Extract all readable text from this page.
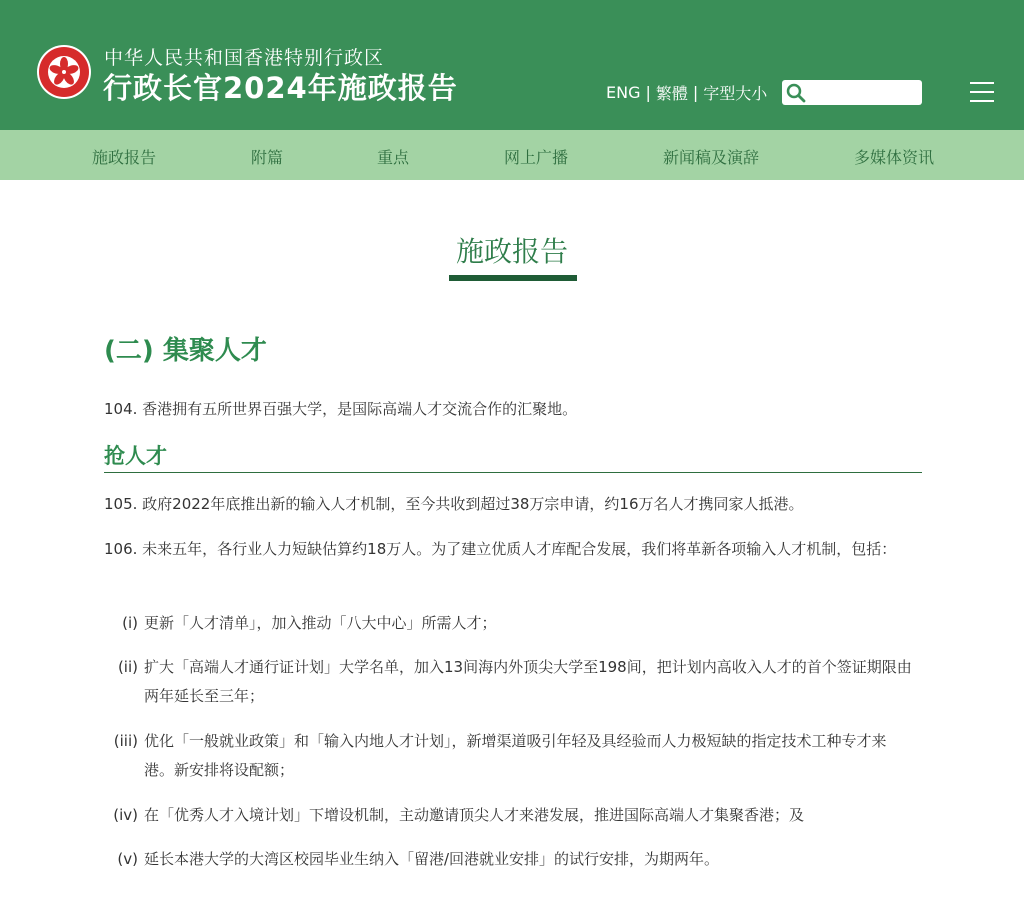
中华人民共和国香港特别行政区
行政长官2024年施政报告	ENG | 繁體 | 字型大小
施政报告	附篇	重点	网上广播	新闻稿及演辞	多媒体资讯
施政报告
(二) 集聚人才
104. 香港拥有五所世界百强大学，是国际高端人才交流合作的汇聚地。
抢人才
105. 政府2022年底推出新的输入人才机制，至今共收到超过38万宗申请，约16万名人才携同家人抵港。
106. 未来五年，各行业人力短缺估算约18万人。为了建立优质人才库配合发展，我们将革新各项输入人才机制，包括：
(i) 更新「人才清单」，加入推动「八大中心」所需人才；
(ii) 扩大「高端人才通行证计划」大学名单，加入13间海内外顶尖大学至198间，把计划内高收入人才的首个签证期限由两年延长至三年；
(iii) 优化「一般就业政策」和「输入内地人才计划」，新增渠道吸引年轻及具经验而人力极短缺的指定技术工种专才来港。新安排将设配额；
(iv) 在「优秀人才入境计划」下增设机制，主动邀请顶尖人才来港发展，推进国际高端人才集聚香港；及
(v) 延长本港大学的大湾区校园毕业生纳入「留港/回港就业安排」的试行安排，为期两年。
